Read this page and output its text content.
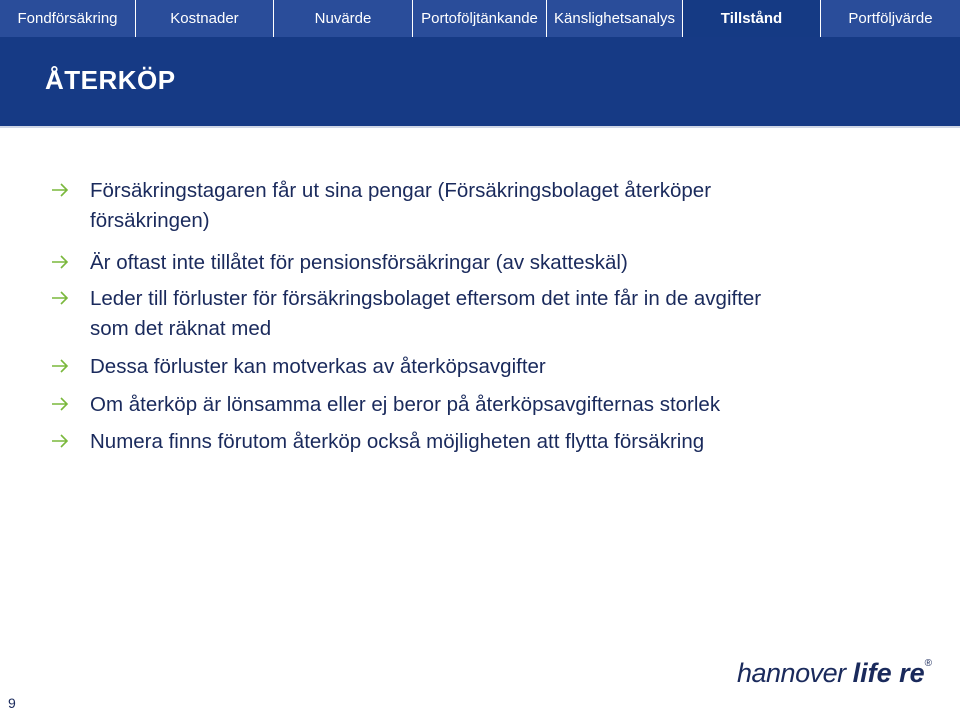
Fondförsäkring	Kostnader	Nuvärde	Portoföljtänkande	Känslighetsanalys	Tillstånd	Portföljvärde
ÅTERKÖP
Försäkringstagaren får ut sina pengar (Försäkringsbolaget återköper
försäkringen)
Är oftast inte tillåtet för pensionsförsäkringar (av skatteskäl)
Leder till förluster för försäkringsbolaget eftersom det inte får in de avgifter
som det räknat med
Dessa förluster kan motverkas av återköpsavgifter
Om återköp är lönsamma eller ej beror på återköpsavgifternas storlek
Numera finns förutom återköp också möjligheten att flytta försäkring
9
hannover life re®
